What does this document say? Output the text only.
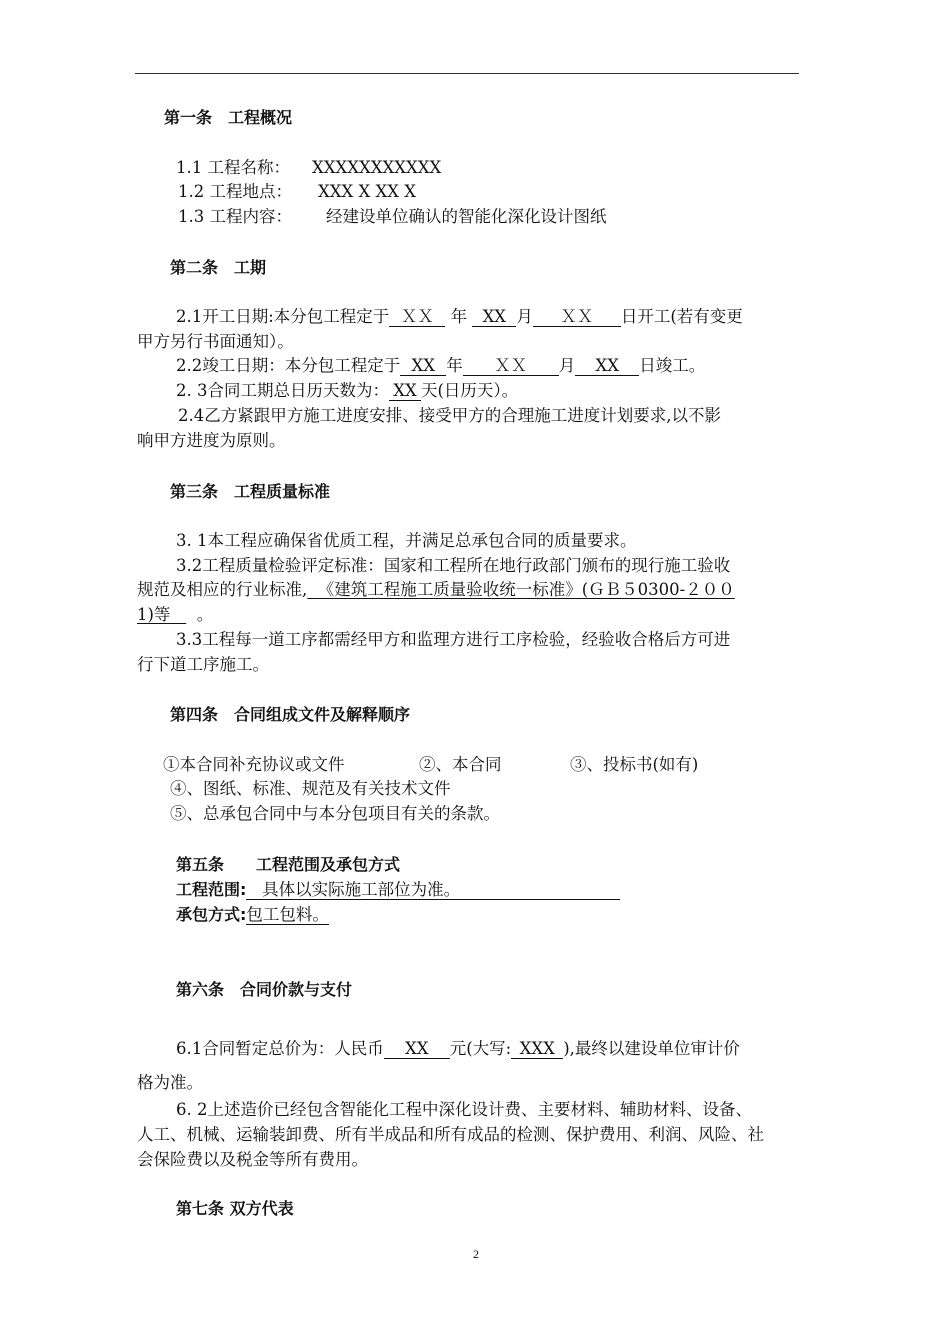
第一条　工程概况
1.1 工程名称： XXXXXXXXXXX
1.2 工程地点： XXX X XX X
1.3 工程内容： 经建设单位确认的智能化深化设计图纸
第二条　工期
2.1开工日期:本分包工程定于 ＸＸ 年 XX 月 ＸＸ 日开工(若有变更
甲方另行书面通知）。
2.2竣工日期：本分包工程定于 XX 年 ＸＸ 月 XX 日竣工。
2. 3合同工期总日历天数为： XX 天(日历天）。
2.4乙方紧跟甲方施工进度安排、接受甲方的合理施工进度计划要求,以不影
响甲方进度为原则。
第三条　工程质量标准
3. 1本工程应确保省优质工程，并满足总承包合同的质量要求。
3.2工程质量检验评定标准：国家和工程所在地行政部门颁布的现行施工验收
规范及相应的行业标准, 《建筑工程施工质量验收统一标准》(ＧＢ５0300-２００
1)等 。
3.3工程每一道工序都需经甲方和监理方进行工序检验，经验收合格后方可进
行下道工序施工。
第四条　合同组成文件及解释顺序
①本合同补充协议或文件	②、本合同	③、投标书(如有)
④、图纸、标准、规范及有关技术文件
⑤、总承包合同中与本分包项目有关的条款。
第五条　　工程范围及承包方式
工程范围: 具体以实际施工部位为准。
承包方式:包工包料。
第六条　合同价款与支付
6.1合同暂定总价为：人民币 XX 元(大写: XXX ),最终以建设单位审计价
格为准。
6. 2上述造价已经包含智能化工程中深化设计费、主要材料、辅助材料、设备、
人工、机械、运输装卸费、所有半成品和所有成品的检测、保护费用、利润、风险、社
会保险费以及税金等所有费用。
第七条 双方代表
2
